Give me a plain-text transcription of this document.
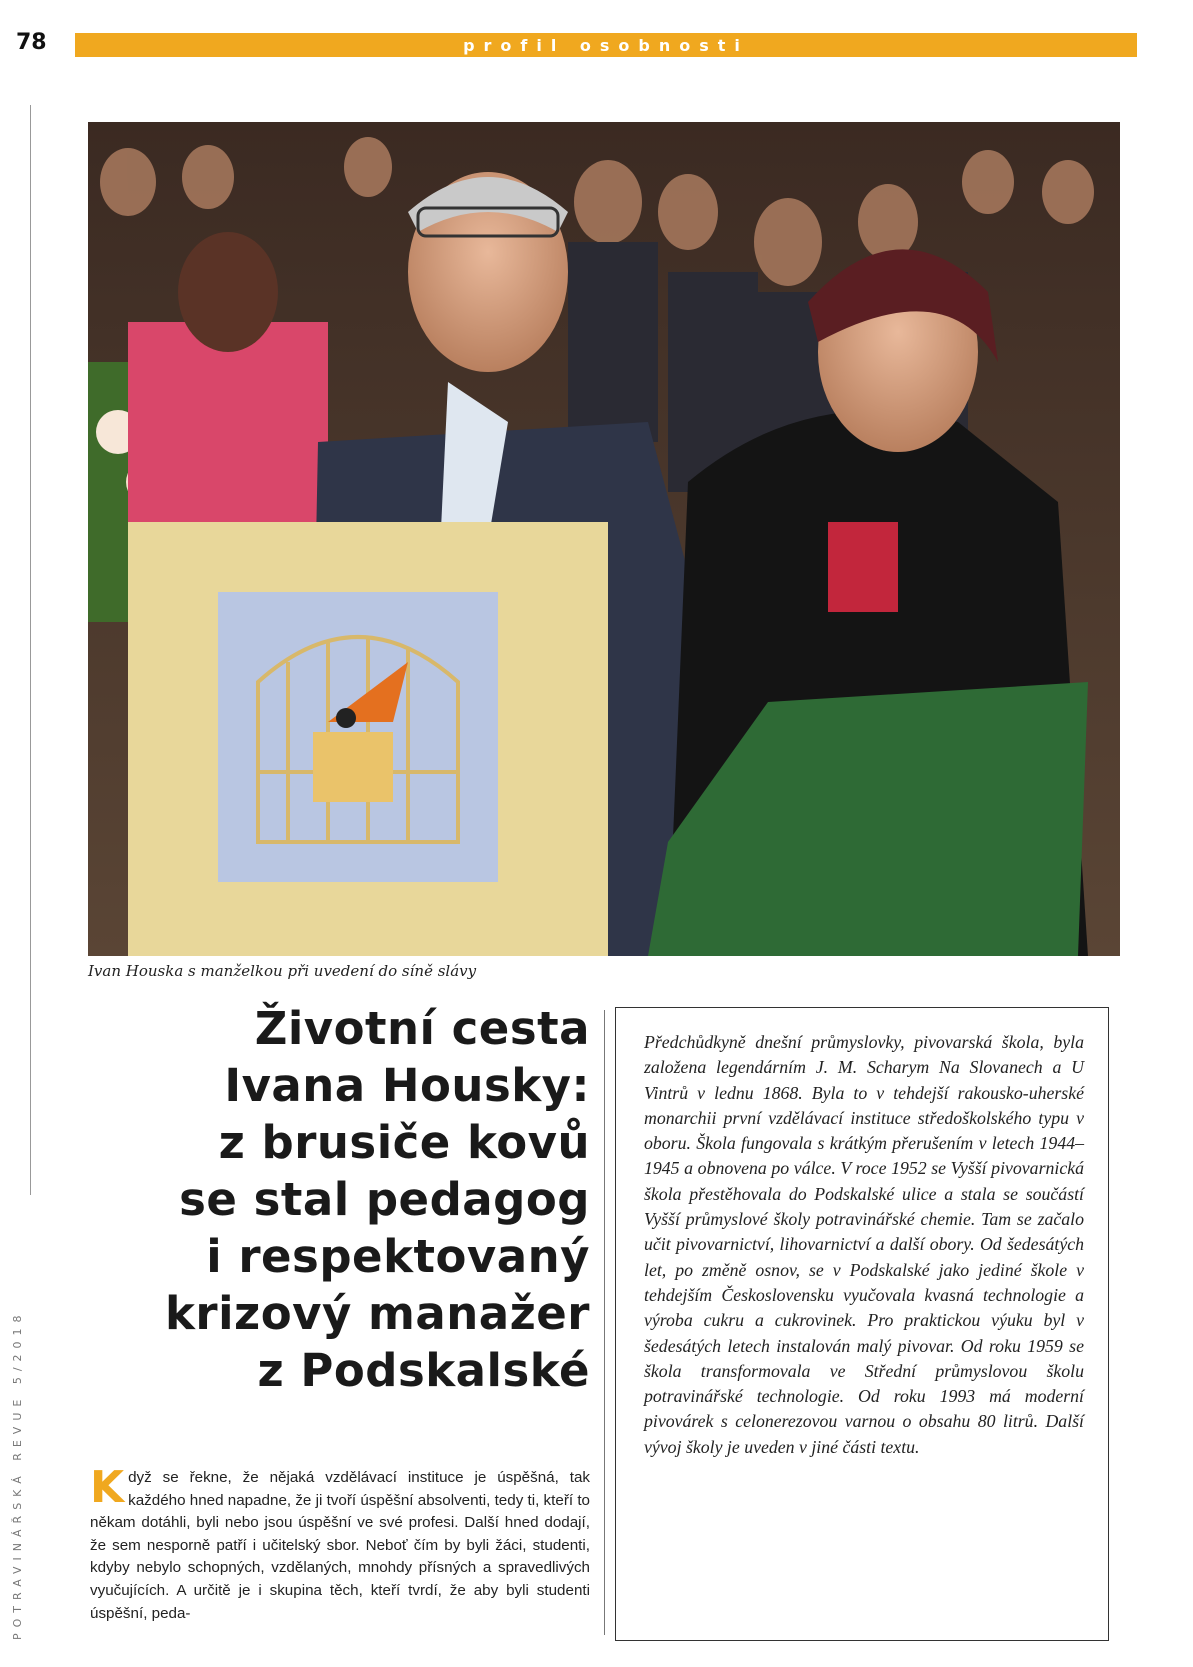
78	profil osobnosti
POTRAVINÁŘSKÁ REVUE 5/2018
Ivan Houska s manželkou při uvedení do síně slávy
Životní cesta
Ivana Housky:
z brusiče kovů
se stal pedagog
i respektovaný
krizový manažer
z Podskalské
K dyž se řekne, že nějaká vzdělávací instituce je úspěšná, tak každého hned napadne, že ji tvoří úspěšní absolventi, tedy ti, kteří to někam dotáhli, byli nebo jsou úspěšní ve své profesi. Další hned dodají, že sem nesporně patří i učitelský sbor. Neboť čím by byli žáci, studenti, kdyby nebylo schopných, vzdělaných, mnohdy přísných a spravedlivých vyučujících. A určitě je i skupina těch, kteří tvrdí, že aby byli studenti úspěšní, peda-

Předchůdkyně dnešní průmyslovky, pivovarská škola, byla založena legendárním J. M. Scharym Na Slovanech a U Vintrů v lednu 1868. Byla to v tehdejší rakousko-uherské monarchii první vzdělávací instituce středoškolského typu v oboru. Škola fungovala s krátkým přerušením v letech 1944–1945 a obnovena po válce. V roce 1952 se Vyšší pivovarnická škola přestěhovala do Podskalské ulice a stala se součástí Vyšší průmyslové školy potravinářské chemie. Tam se začalo učit pivovarnictví, lihovarnictví a další obory. Od šedesátých let, po změně osnov, se v Podskalské jako jediné škole v tehdejším Československu vyučovala kvasná technologie a výroba cukru a cukrovinek. Pro praktickou výuku byl v šedesátých letech instalován malý pivovar. Od roku 1959 se škola transformovala ve Střední průmyslovou školu potravinářské technologie. Od roku 1993 má moderní pivovárek s celonerezovou varnou o obsahu 80 litrů. Další vývoj školy je uveden v jiné části textu.
